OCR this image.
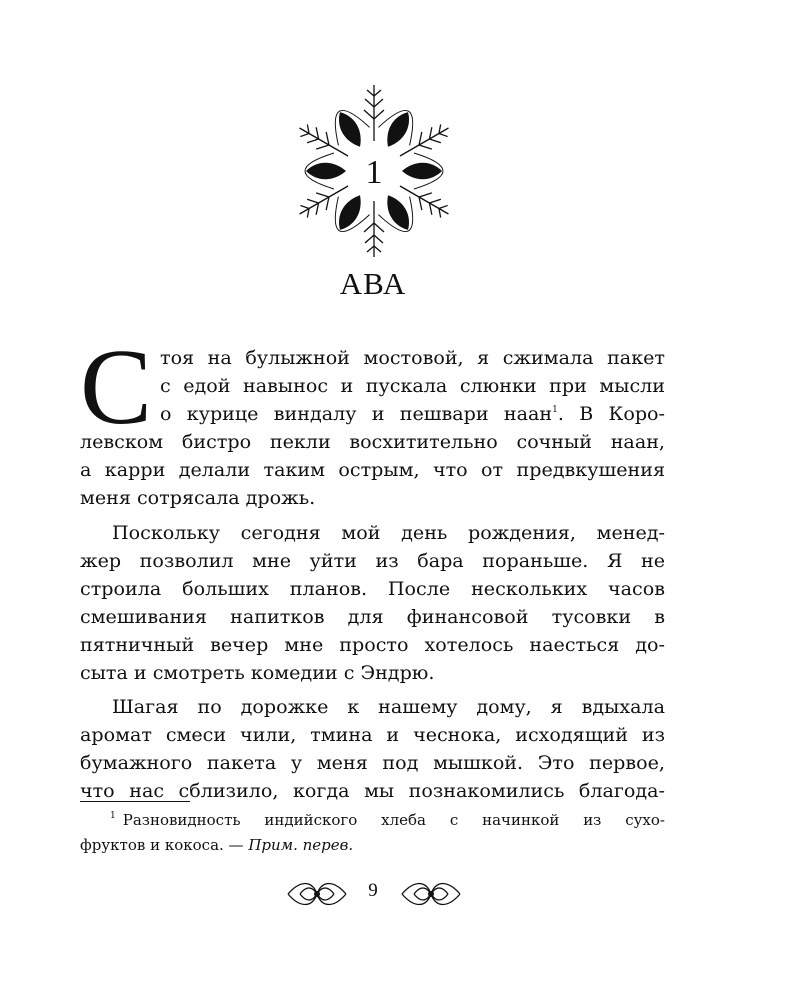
1
АВА
С тоя на булыжной мостовой, я сжимала пакет
с едой навынос и пускала слюнки при мысли
о курице виндалу и пешвари наан$^1$. В Коро-
левском бистро пекли восхитительно сочный наан,
а карри делали таким острым, что от предвкушения
меня сотрясала дрожь.
Поскольку сегодня мой день рождения, менед-
жер позволил мне уйти из бара пораньше. Я не
строила больших планов. После нескольких часов
смешивания напитков для финансовой тусовки в
пятничный вечер мне просто хотелось наесться до-
сыта и смотреть комедии с Эндрю.
Шагая по дорожке к нашему дому, я вдыхала
аромат смеси чили, тмина и чеснока, исходящий из
бумажного пакета у меня под мышкой. Это первое,
что нас сблизило, когда мы познакомились благода-
$^1$ Разновидность индийского хлеба с начинкой из сухо-
фруктов и кокоса. — Прим. перев.
9
